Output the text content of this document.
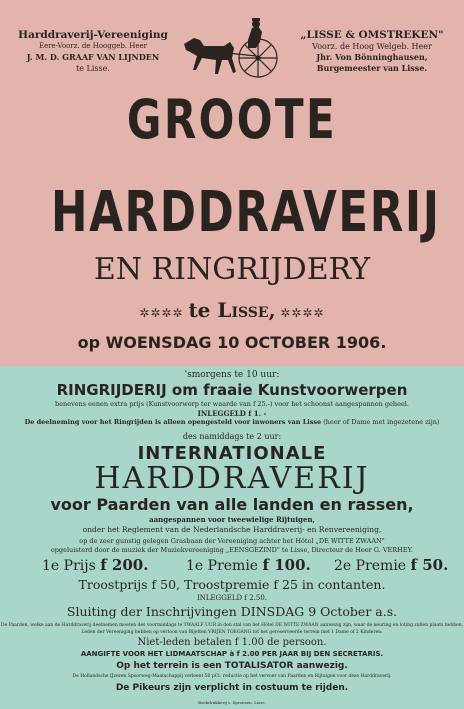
Harddraverij-Vereeniging
Eere-Voorz. de Hooggeb. Heer
J. M. D. GRAAF VAN LIJNDEN
te Lisse.
„LISSE & OMSTREKEN"
Voorz. de Hoog Welgeb. Heer
Jhr. Von Bönninghausen,
Burgemeester van Lisse.
GROOTE
HARDDRAVERIJ
EN RINGRIJDERY
✲✲✲✲ te Lisse, ✲✲✲✲
op WOENSDAG 10 OCTOBER 1906.
'smorgens te 10 uur:
RINGRIJDERIJ om fraaie Kunstvoorwerpen
benevens eenen extra prijs (Kunstvoorwerp ter waarde van f 25.-) voor het schoonst aangespannen geheel.
INLEGGELD f 1. -
De deelneming voor het Ringrijden is alleen opengesteld voor inwoners van Lisse (heer of Dame met ingezetene zijn)
des namiddags te 2 uur:
INTERNATIONALE
HARDDRAVERIJ
voor Paarden van alle landen en rassen,
aangespannen voor tweewielige Rijtuigen,
onder het Reglement van de Nederlandsche Harddraverij- en Renvereeniging,
op de zeer gunstig gelegen Grasbaan der Vereeniging achter het Hôtel „DE WITTE ZWAAN"
opgeluisterd door de muziek der Muziekvereeniging „EENSGEZIND" te Lisse, Directeur de Heer G. VERHEY.
1e Prijs f 200.	1e Premie f 100. 2e Premie f 50.
Troostprijs f 50, Troostpremie f 25 in contanten.
INLEGGELD f 2.50.
Sluiting der Inschrijvingen DINSDAG 9 October a.s.
De Paarden, welke aan de Harddraverij deelnemen moeten des voormiddags te TWAALF UUR in den stal van het Hôtel DE WITTE ZWAAN aanwezig zijn, waar de keuring en loting zullen plaats hebben.
Leden der Vereeniging hebben op vertoon van Bijetten VRIJEN TOEGANG tot het gereserveerde terrein met 1 Dame of 2 Kinderen.
Niet-leden betalen f 1.00 de persoon.
AANGIFTE VOOR HET LIDMAATSCHAP à f 2.00 PER JAAR BIJ DEN SECRETARIS.
Op het terrein is een TOTALISATOR aanwezig.
De Hollandsche IJzeren Spoorweg-Maatschappij verleent 50 pCt. reductie op het vervoer van Paarden en Rijtuigen voor deze Harddraverij.
De Pikeurs zijn verplicht in costuum te rijden.
Boekdrukkerij v. Spronsen, Lisse.
